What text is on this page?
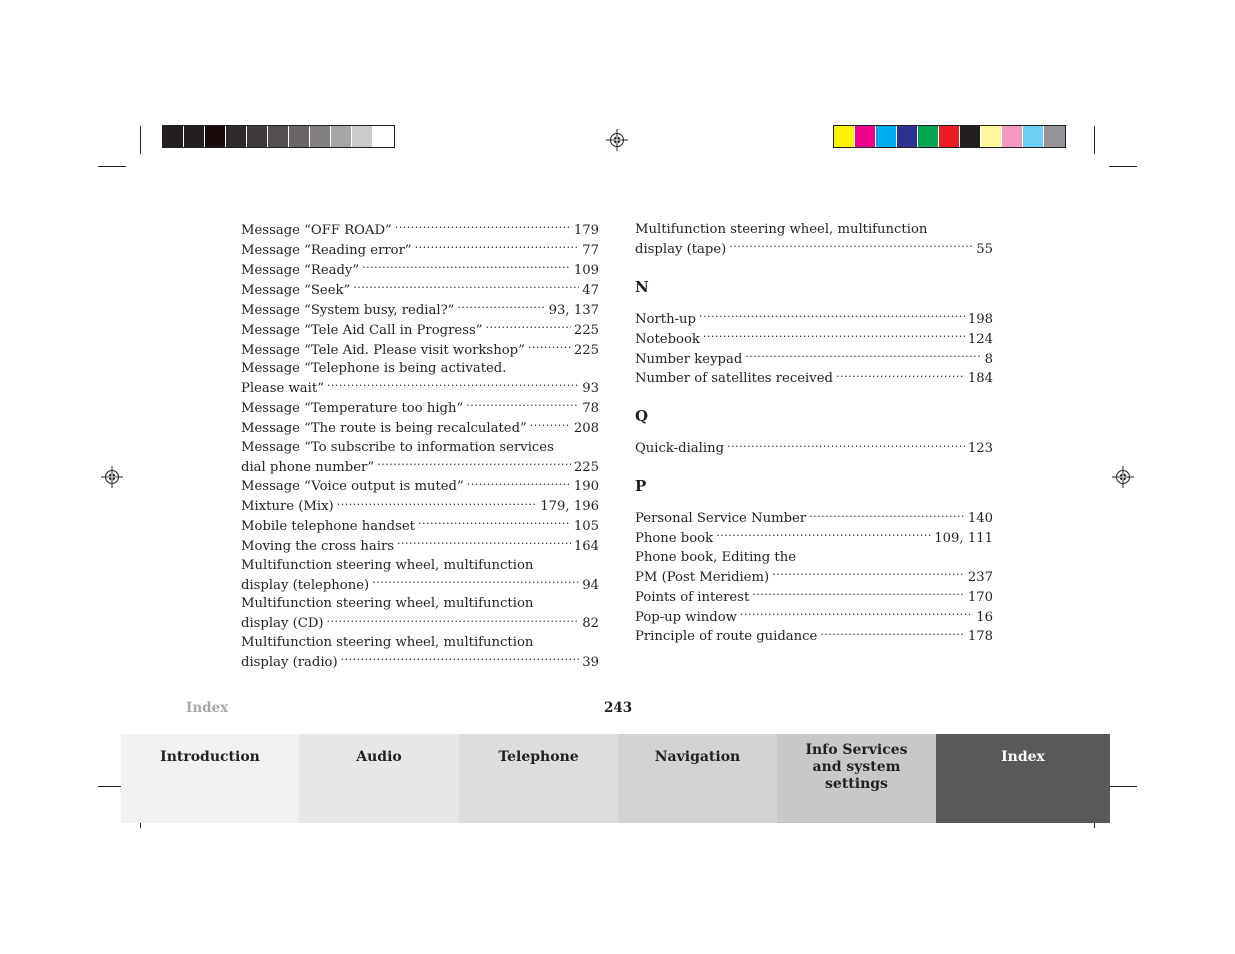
Message “OFF ROAD” .....	179
Message “Reading error” .....	77
Message “Ready” .....	109
Message “Seek” .....	47
Message “System busy, redial?” .....	93, 137
Message “Tele Aid Call in Progress” .....	225
Message “Tele Aid. Please visit workshop” .....	225
Message “Telephone is being activated.
Please wait” .....	93
Message “Temperature too high” .....	78
Message “The route is being recalculated” .....	208
Message “To subscribe to information services
dial phone number” .....	225
Message “Voice output is muted” .....	190
Mixture (Mix) .....	179, 196
Mobile telephone handset .....	105
Moving the cross hairs .....	164
Multifunction steering wheel, multifunction
display (telephone) .....	94
Multifunction steering wheel, multifunction
display (CD) .....	82
Multifunction steering wheel, multifunction
display (radio) .....	39
Multifunction steering wheel, multifunction
display (tape) .....	55
N
North-up .....	198
Notebook .....	124
Number keypad .....	8
Number of satellites received .....	184
Q
Quick-dialing .....	123
P
Personal Service Number .....	140
Phone book .....	109, 111
Phone book, Editing the
PM (Post Meridiem) .....	237
Points of interest .....	170
Pop-up window .....	16
Principle of route guidance .....	178
Index	243
Introduction	Audio	Telephone	Navigation	Info Services and system settings
Index
